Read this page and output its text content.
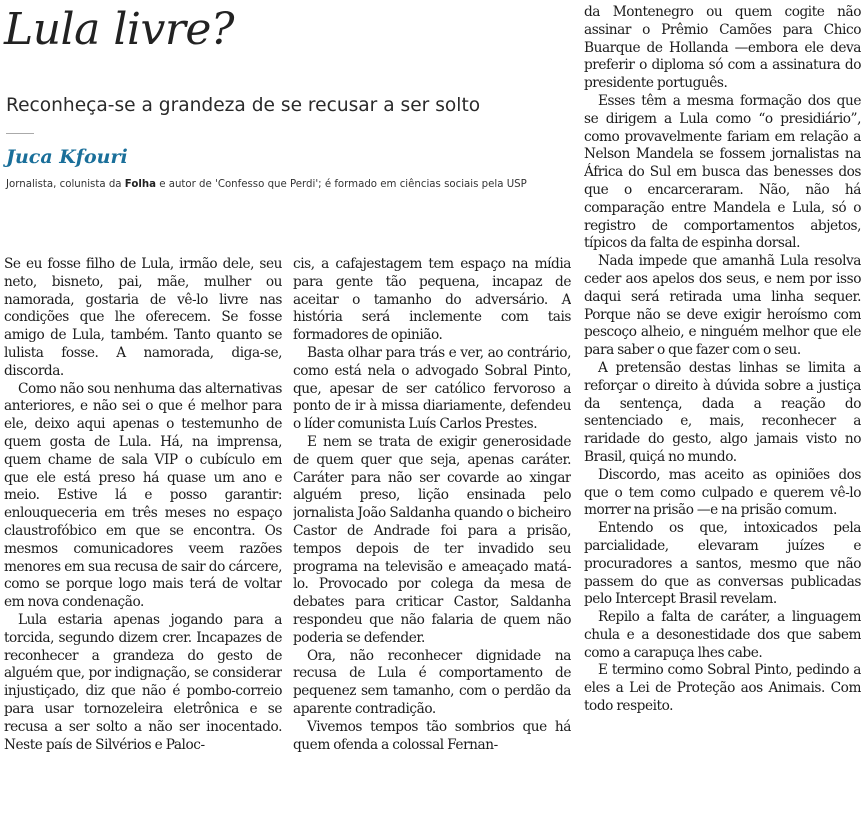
Lula livre?
Reconheça-se a grandeza de se recusar a ser solto
Juca Kfouri
Jornalista, colunista da Folha e autor de 'Confesso que Perdi'; é formado em ciências sociais pela USP

Se eu fosse filho de Lula, irmão dele, seu neto, bisneto, pai, mãe, mulher ou namorada, gostaria de vê-lo livre nas condições que lhe oferecem. Se fosse amigo de Lula, também. Tanto quanto se lulista fosse. A namorada, diga-se, discorda.

Como não sou nenhuma das alternativas anteriores, e não sei o que é melhor para ele, deixo aqui apenas o testemunho de quem gosta de Lula. Há, na imprensa, quem chame de sala VIP o cubículo em que ele está preso há quase um ano e meio. Estive lá e posso garantir: enlouqueceria em três meses no espaço claustrofóbico em que se encontra. Os mesmos comunicadores veem razões menores em sua recusa de sair do cárcere, como se porque logo mais terá de voltar em nova condenação.

Lula estaria apenas jogando para a torcida, segundo dizem crer. Incapazes de reconhecer a grandeza do gesto de alguém que, por indignação, se considerar injustiçado, diz que não é pombo-correio para usar tornozeleira eletrônica e se recusa a ser solto a não ser inocentado. Neste país de Silvérios e Paloc-

cis, a cafajestagem tem espaço na mídia para gente tão pequena, incapaz de aceitar o tamanho do adversário. A história será inclemente com tais formadores de opinião.

Basta olhar para trás e ver, ao contrário, como está nela o advogado Sobral Pinto, que, apesar de ser católico fervoroso a ponto de ir à missa diariamente, defendeu o líder comunista Luís Carlos Prestes.

E nem se trata de exigir generosidade de quem quer que seja, apenas caráter. Caráter para não ser covarde ao xingar alguém preso, lição ensinada pelo jornalista João Saldanha quando o bicheiro Castor de Andrade foi para a prisão, tempos depois de ter invadido seu programa na televisão e ameaçado matá-lo. Provocado por colega da mesa de debates para criticar Castor, Saldanha respondeu que não falaria de quem não poderia se defender.

Ora, não reconhecer dignidade na recusa de Lula é comportamento de pequenez sem tamanho, com o perdão da aparente contradição.

Vivemos tempos tão sombrios que há quem ofenda a colossal Fernan-

da Montenegro ou quem cogite não assinar o Prêmio Camões para Chico Buarque de Hollanda —embora ele deva preferir o diploma só com a assinatura do presidente português.

Esses têm a mesma formação dos que se dirigem a Lula como “o presidiário”, como provavelmente fariam em relação a Nelson Mandela se fossem jornalistas na África do Sul em busca das benesses dos que o encarceraram. Não, não há comparação entre Mandela e Lula, só o registro de comportamentos abjetos, típicos da falta de espinha dorsal.

Nada impede que amanhã Lula resolva ceder aos apelos dos seus, e nem por isso daqui será retirada uma linha sequer. Porque não se deve exigir heroísmo com pescoço alheio, e ninguém melhor que ele para saber o que fazer com o seu.

A pretensão destas linhas se limita a reforçar o direito à dúvida sobre a justiça da sentença, dada a reação do sentenciado e, mais, reconhecer a raridade do gesto, algo jamais visto no Brasil, quiçá no mundo.

Discordo, mas aceito as opiniões dos que o tem como culpado e querem vê-lo morrer na prisão —e na prisão comum.

Entendo os que, intoxicados pela parcialidade, elevaram juízes e procuradores a santos, mesmo que não passem do que as conversas publicadas pelo Intercept Brasil revelam.

Repilo a falta de caráter, a linguagem chula e a desonestidade dos que sabem como a carapuça lhes cabe.

E termino como Sobral Pinto, pedindo a eles a Lei de Proteção aos Animais. Com todo respeito.
